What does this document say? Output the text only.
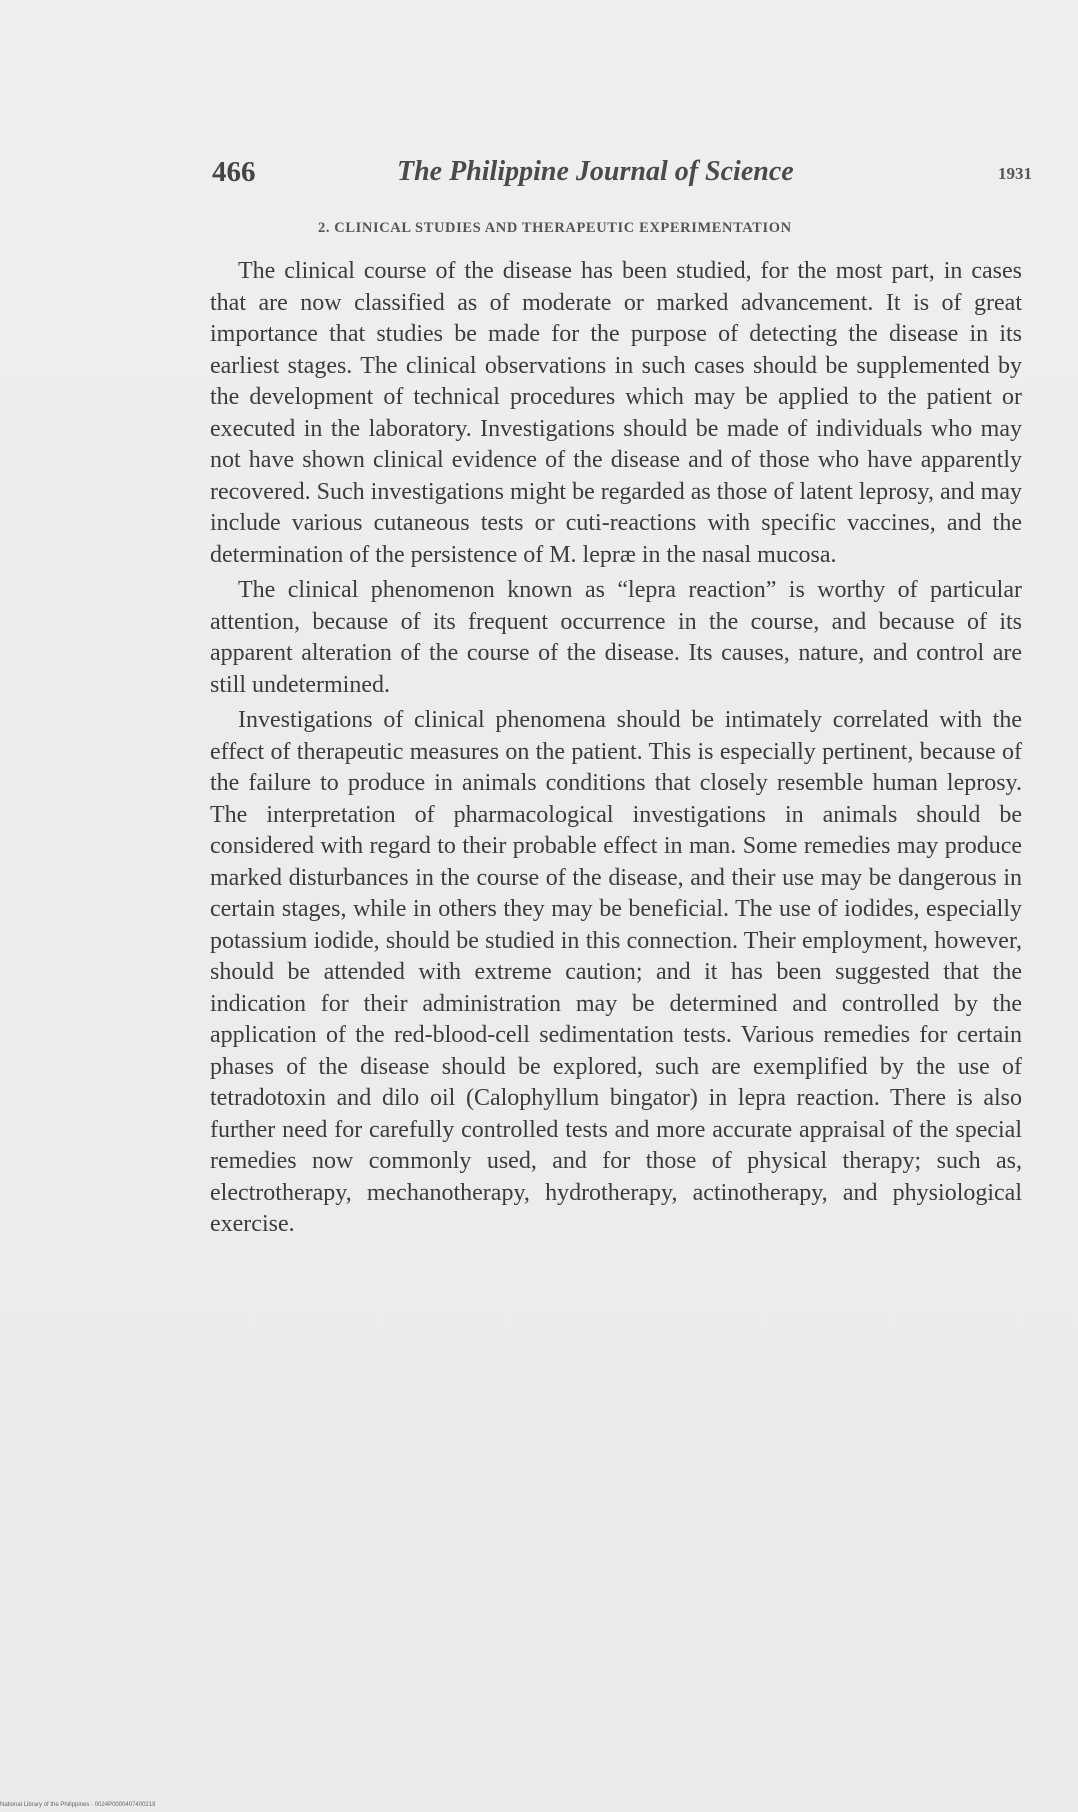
466	The Philippine Journal of Science	1931
2. CLINICAL STUDIES AND THERAPEUTIC EXPERIMENTATION

The clinical course of the disease has been studied, for the most part, in cases that are now classified as of moderate or marked advancement. It is of great importance that studies be made for the purpose of detecting the disease in its earliest stages. The clinical observations in such cases should be supplemented by the development of technical procedures which may be applied to the patient or executed in the laboratory. Investigations should be made of individuals who may not have shown clinical evidence of the disease and of those who have apparently recovered. Such investigations might be regarded as those of latent leprosy, and may include various cutaneous tests or cuti-reactions with specific vaccines, and the determination of the persistence of M. lepræ in the nasal mucosa.

The clinical phenomenon known as “lepra reaction” is worthy of particular attention, because of its frequent occurrence in the course, and because of its apparent alteration of the course of the disease. Its causes, nature, and control are still undetermined.

Investigations of clinical phenomena should be intimately correlated with the effect of therapeutic measures on the patient. This is especially pertinent, because of the failure to produce in animals conditions that closely resemble human leprosy. The interpretation of pharmacological investigations in animals should be considered with regard to their probable effect in man. Some remedies may produce marked disturbances in the course of the disease, and their use may be dangerous in certain stages, while in others they may be beneficial. The use of iodides, especially potassium iodide, should be studied in this connection. Their employment, however, should be attended with extreme caution; and it has been suggested that the indication for their administration may be determined and controlled by the application of the red-blood-cell sedimentation tests. Various remedies for certain phases of the disease should be explored, such are exemplified by the use of tetradotoxin and dilo oil (Calophyllum bingator) in lepra reaction. There is also further need for carefully controlled tests and more accurate appraisal of the special remedies now commonly used, and for those of physical therapy; such as, electrotherapy, mechanotherapy, hydrotherapy, actinotherapy, and physiological exercise.

National Library of the Philippines · 0024P0000407400219
